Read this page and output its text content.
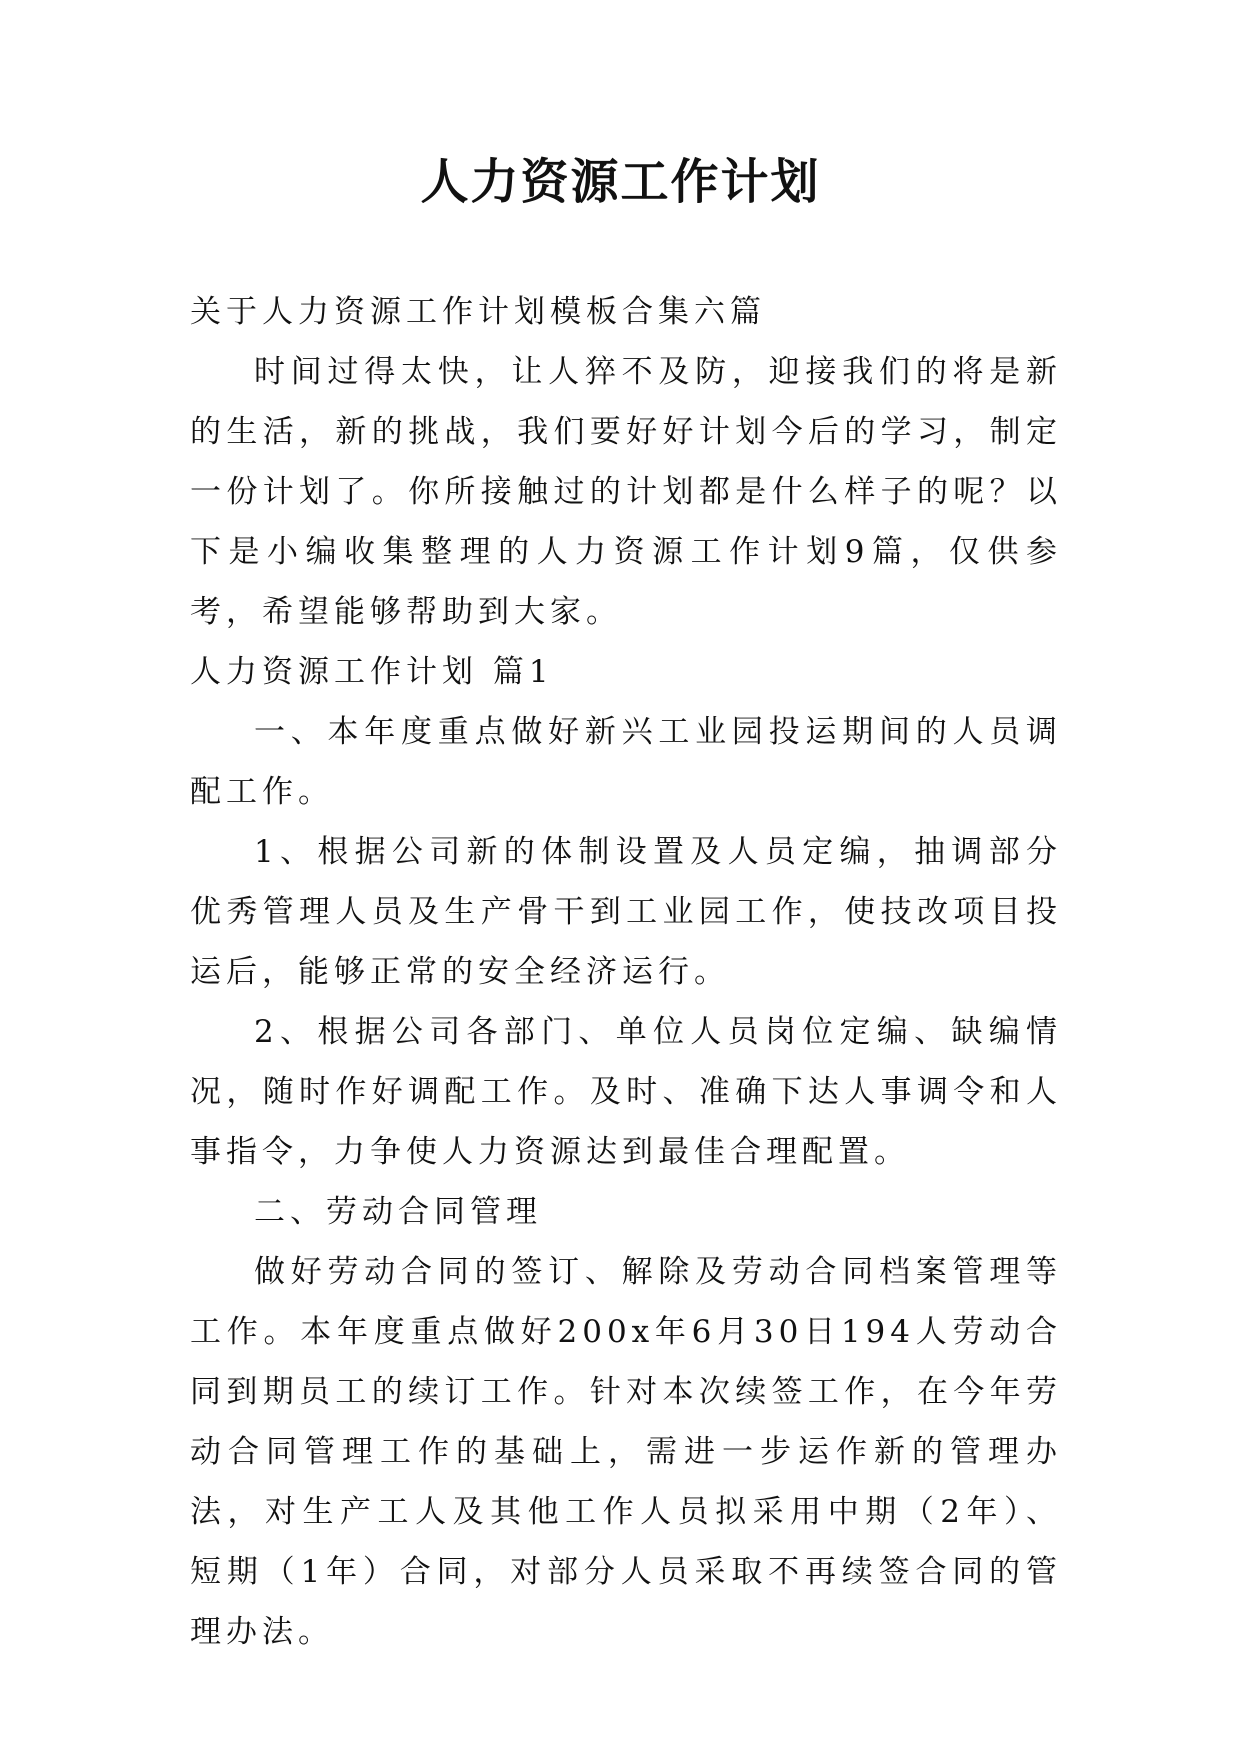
人力资源工作计划

关于人力资源工作计划模板合集六篇

时间过得太快，让人猝不及防，迎接我们的将是新的生活，新的挑战，我们要好好计划今后的学习，制定一份计划了。你所接触过的计划都是什么样子的呢？以下是小编收集整理的人力资源工作计划9篇，仅供参考，希望能够帮助到大家。

人力资源工作计划 篇1

一、本年度重点做好新兴工业园投运期间的人员调配工作。

1、根据公司新的体制设置及人员定编，抽调部分优秀管理人员及生产骨干到工业园工作，使技改项目投运后，能够正常的安全经济运行。

2、根据公司各部门、单位人员岗位定编、缺编情况，随时作好调配工作。及时、准确下达人事调令和人事指令，力争使人力资源达到最佳合理配置。

二、劳动合同管理

做好劳动合同的签订、解除及劳动合同档案管理等工作。本年度重点做好200x年6月30日194人劳动合同到期员工的续订工作。针对本次续签工作，在今年劳动合同管理工作的基础上，需进一步运作新的管理办法，对生产工人及其他工作人员拟采用中期（2年）、短期（1年）合同，对部分人员采取不再续签合同的管理办法。
